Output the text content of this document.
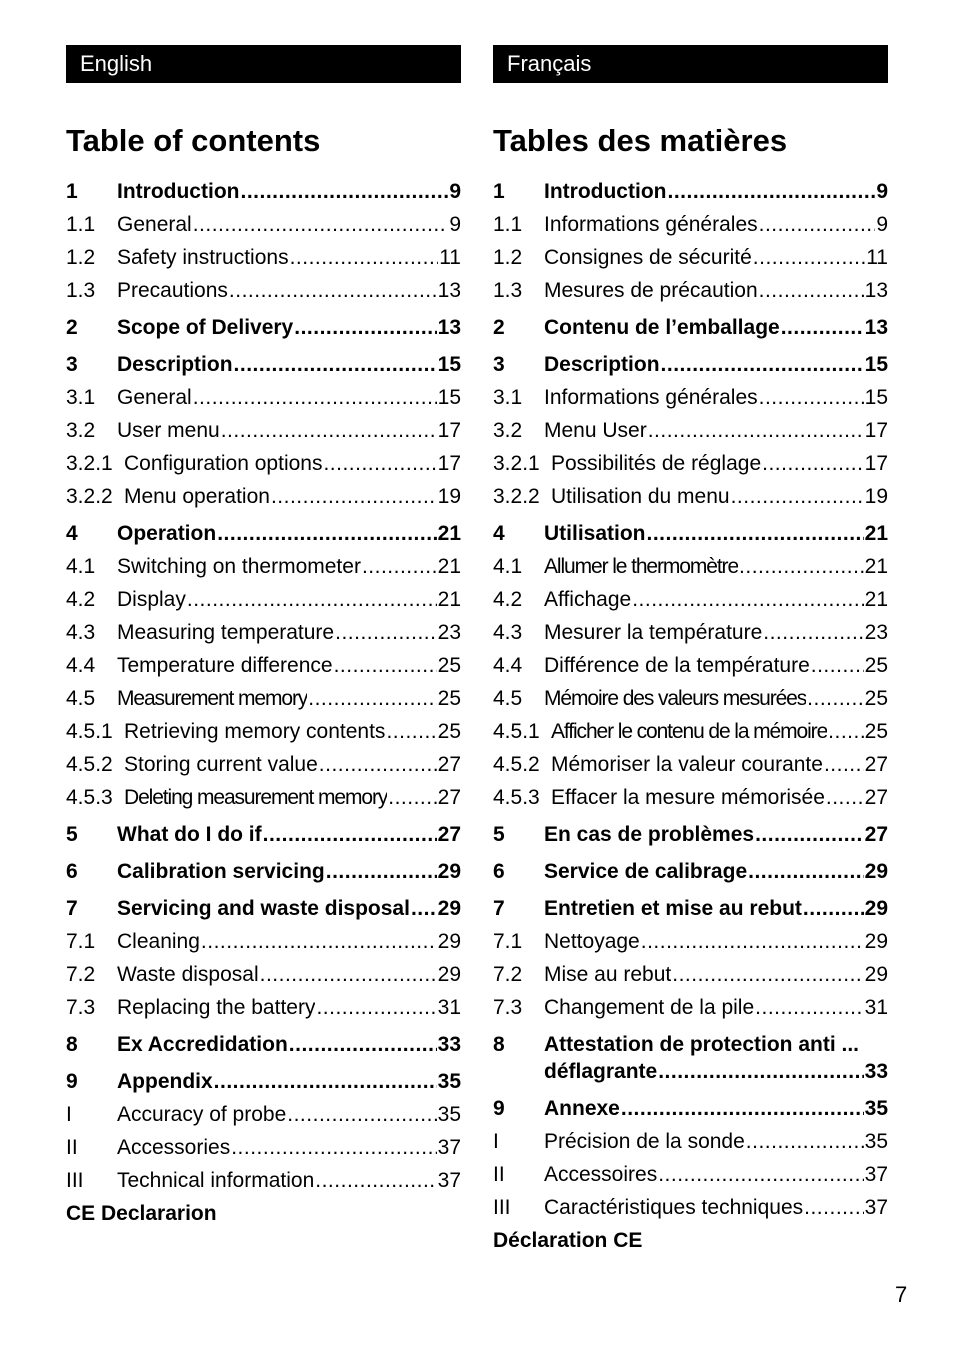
English
Table of contents
1	Introduction .....	9
1.1	General .....	9
1.2	Safety instructions .....	11
1.3	Precautions .....	13
2	Scope of Delivery .....	13
3	Description .....	15
3.1	General .....	15
3.2	User menu .....	17
3.2.1 Configuration options .....	17
3.2.2 Menu operation .....	19
4	Operation .....	21
4.1	Switching on thermometer .....	21
4.2	Display .....	21
4.3	Measuring temperature .....	23
4.4	Temperature difference .....	25
4.5	Measurement memory .....	25
4.5.1 Retrieving memory contents ..... 25
4.5.2 Storing current value .....	27
4.5.3 Deleting measurement memory ..... 27
5	What do I do if .....	27
6	Calibration servicing .....	29
7	Servicing and waste disposal ..... 29
7.1	Cleaning .....	29
7.2	Waste disposal .....	29
7.3	Replacing the battery .....	31
8	Ex Accredidation .....	33
9	Appendix .....	35
I	Accuracy of probe .....	35
II	Accessories .....	37
III	Technical information .....	37
CE Declararion
Français
Tables des matières
1	Introduction .....	9
1.1	Informations générales .....	9
1.2	Consignes de sécurité .....	11
1.3	Mesures de précaution .....	13
2	Contenu de l’emballage .....	13
3	Description .....	15
3.1	Informations générales .....	15
3.2	Menu User .....	17
3.2.1 Possibilités de réglage .....	17
3.2.2 Utilisation du menu .....	19
4	Utilisation .....	21
4.1	Allumer le thermomètre .....	21
4.2	Affichage .....	21
4.3	Mesurer la température .....	23
4.4	Différence de la température .....	25
4.5	Mémoire des valeurs mesurées .....	25
4.5.1 Afficher le contenu de la mémoire ..... 25
4.5.2 Mémoriser la valeur courante ..... 27
4.5.3 Effacer la mesure mémorisée ..... 27
5	En cas de problèmes .....	27
6	Service de calibrage .....	29
7	Entretien et mise au rebut .....	29
7.1	Nettoyage .....	29
7.2	Mise au rebut .....	29
7.3	Changement de la pile .....	31
8	Attestation de protection anti ...
déflagrante .....	33
9	Annexe .....	35
I	Précision de la sonde .....	35
II	Accessoires .....	37
III	Caractéristiques techniques .....	37
Déclaration CE
7
